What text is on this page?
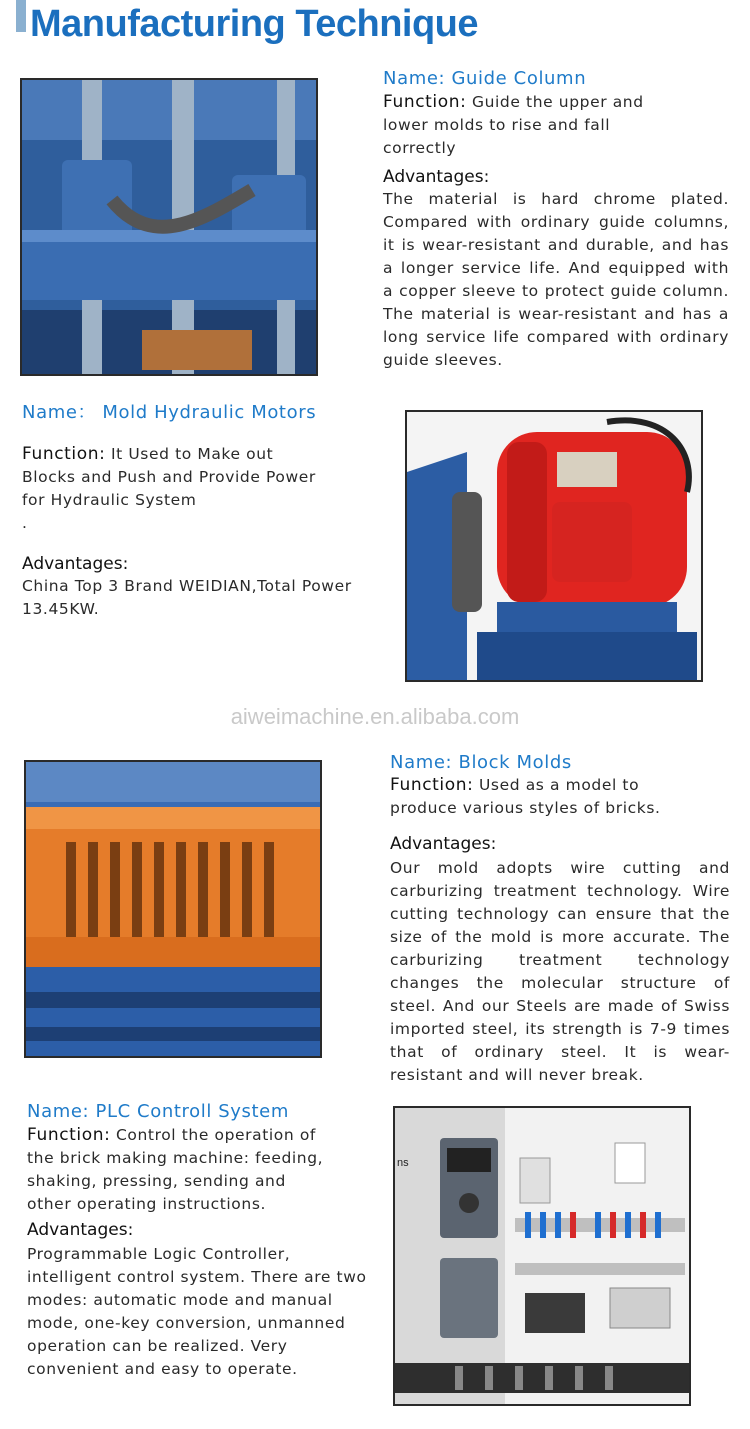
Manufacturing Technique
Name: Guide Column
Function: Guide the upper and lower molds to rise and fall correctly
Advantages:
The material is hard chrome plated. Compared with ordinary guide columns, it is wear-resistant and durable, and has a longer service life. And equipped with a copper sleeve to protect guide column. The material is wear-resistant and has a long service life compared with ordinary guide sleeves.
Name： Mold Hydraulic Motors
Function: It Used to Make out Blocks and Push and Provide Power for Hydraulic System
.
Advantages:
China Top 3 Brand WEIDIAN,Total Power 13.45KW.
aiweimachine.en.alibaba.com
Name: Block Molds
Function: Used as a model to produce various styles of bricks.
Advantages:
Our mold adopts wire cutting and carburizing treatment technology. Wire cutting technology can ensure that the size of the mold is more accurate. The carburizing treatment technology changes the molecular structure of steel. And our Steels are made of Swiss imported steel, its strength is 7-9 times that of ordinary steel. It is wear-resistant and will never break.
Name: PLC Controll System
Function: Control the operation of the brick making machine: feeding, shaking, pressing, sending and other operating instructions.
Advantages:
Programmable Logic Controller, intelligent control system. There are two modes: automatic mode and manual mode, one-key conversion, unmanned operation can be realized. Very convenient and easy to operate.
ns
